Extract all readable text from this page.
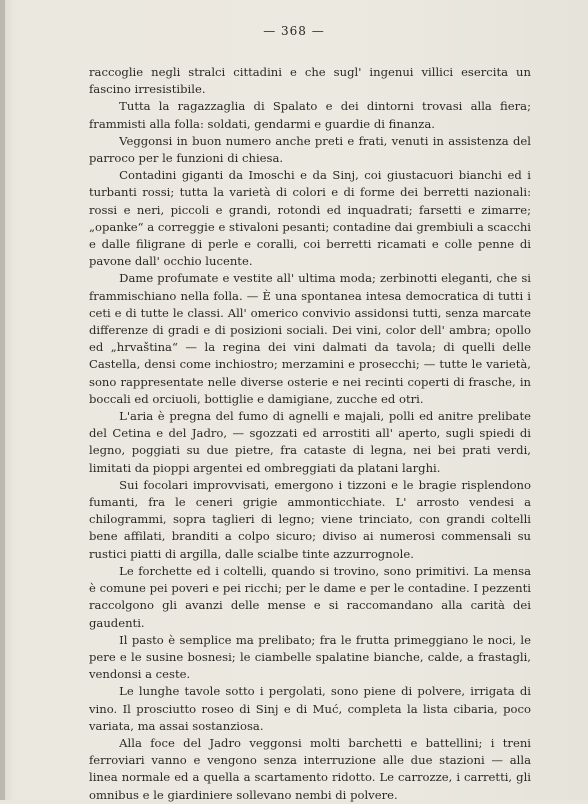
— 368 —

raccoglie negli stralci cittadini e che sugl' ingenui villici esercita un fascino irresistibile.

Tutta la ragazzaglia di Spalato e dei dintorni trovasi alla fiera; frammisti alla folla: soldati, gendarmi e guardie di finanza.

Veggonsi in buon numero anche preti e frati, venuti in assistenza del parroco per le funzioni di chiesa.

Contadini giganti da Imoschi e da Sinj, coi giustacuori bianchi ed i turbanti rossi; tutta la varietà di colori e di forme dei berretti nazionali: rossi e neri, piccoli e grandi, rotondi ed inquadrati; farsetti e zimarre; „opanke“ a correggie e stivaloni pesanti; contadine dai grembiuli a scacchi e dalle filigrane di perle e coralli, coi berretti ricamati e colle penne di pavone dall' occhio lucente.

Dame profumate e vestite all' ultima moda; zerbinotti eleganti, che si frammischiano nella folla. — È una spontanea intesa democratica di tutti i ceti e di tutte le classi. All' omerico convivio assidonsi tutti, senza marcate differenze di gradi e di posizioni sociali. Dei vini, color dell' ambra; opollo ed „hrvaština“ — la regina dei vini dalmati da tavola; di quelli delle Castella, densi come inchiostro; merzamini e prosecchi; — tutte le varietà, sono rappresentate nelle diverse osterie e nei recinti coperti di frasche, in boccali ed orciuoli, bottiglie e damigiane, zucche ed otri.

L'aria è pregna del fumo di agnelli e majali, polli ed anitre prelibate del Cetina e del Jadro, — sgozzati ed arrostiti all' aperto, sugli spiedi di legno, poggiati su due pietre, fra cataste di legna, nei bei prati verdi, limitati da pioppi argentei ed ombreggiati da platani larghi.

Sui focolari improvvisati, emergono i tizzoni e le bragie risplendono fumanti, fra le ceneri grigie ammonticchiate. L' arrosto vendesi a chilogrammi, sopra taglieri di legno; viene trinciato, con grandi coltelli bene affilati, branditi a colpo sicuro; diviso ai numerosi commensali su rustici piatti di argilla, dalle scialbe tinte azzurrognole.

Le forchette ed i coltelli, quando si trovino, sono primitivi. La mensa è comune pei poveri e pei ricchi; per le dame e per le contadine. I pezzenti raccolgono gli avanzi delle mense e si raccomandano alla carità dei gaudenti.

Il pasto è semplice ma prelibato; fra le frutta primeggiano le noci, le pere e le susine bosnesi; le ciambelle spalatine bianche, calde, a frastagli, vendonsi a ceste.

Le lunghe tavole sotto i pergolati, sono piene di polvere, irrigata di vino. Il prosciutto roseo di Sinj e di Muć, completa la lista cibaria, poco variata, ma assai sostanziosa.

Alla foce del Jadro veggonsi molti barchetti e battellini; i treni ferroviari vanno e vengono senza interruzione alle due stazioni — alla linea normale ed a quella a scartamento ridotto. Le carrozze, i carretti, gli omnibus e le giardiniere sollevano nembi di polvere.
